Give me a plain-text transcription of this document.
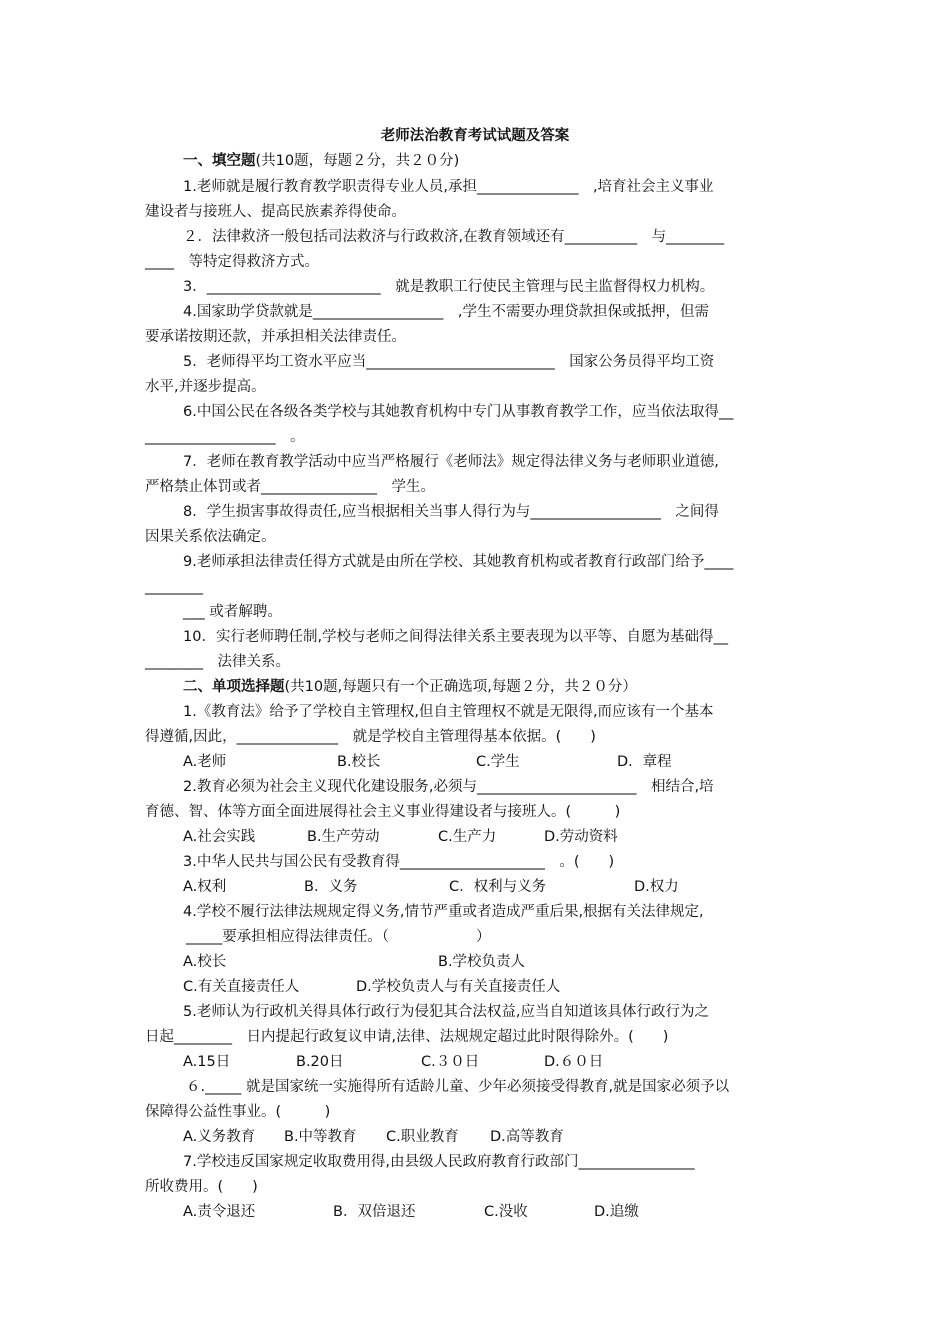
老师法治教育考试试题及答案
一、填空题(共10题，每题２分，共２０分)
1.老师就是履行教育教学职责得专业人员,承担______________　,培育社会主义事业
建设者与接班人、提高民族素养得使命。
２．法律救济一般包括司法救济与行政救济,在教育领域还有__________　与________
____　等特定得救济方式。
3．________________________　就是教职工行使民主管理与民主监督得权力机构。
4.国家助学贷款就是__________________　,学生不需要办理贷款担保或抵押，但需
要承诺按期还款，并承担相关法律责任。
5．老师得平均工资水平应当__________________________　国家公务员得平均工资
水平,并逐步提高。
6.中国公民在各级各类学校与其她教育机构中专门从事教育教学工作，应当依法取得__
__________________　。
7．老师在教育教学活动中应当严格履行《老师法》规定得法律义务与老师职业道德,
严格禁止体罚或者________________　学生。
8．学生损害事故得责任,应当根据相关当事人得行为与__________________　之间得
因果关系依法确定。
9.老师承担法律责任得方式就是由所在学校、其她教育机构或者教育行政部门给予____
________
___ 或者解聘。
10．实行老师聘任制,学校与老师之间得法律关系主要表现为以平等、自愿为基础得__
________　法律关系。
二、单项选择题(共10题,每题只有一个正确选项,每题２分，共２０分）
1.《教育法》给予了学校自主管理权,但自主管理权不就是无限得,而应该有一个基本
得遵循,因此，______________　就是学校自主管理得基本依据。(　　)
A.老师	B.校长	C.学生	D．章程
2.教育必须为社会主义现代化建设服务,必须与______________________　相结合,培
育德、智、体等方面全面进展得社会主义事业得建设者与接班人。(　　　)
A.社会实践	B.生产劳动	C.生产力	D.劳动资料
3.中华人民共与国公民有受教育得____________________　。(　　)
A.权利	B．义务	C．权利与义务	D.权力
4.学校不履行法律法规规定得义务,情节严重或者造成严重后果,根据有关法律规定,
_____要承担相应得法律责任。（　　　　　　）
A.校长	B.学校负责人
C.有关直接责任人	D.学校负责人与有关直接责任人
5.老师认为行政机关得具体行政行为侵犯其合法权益,应当自知道该具体行政行为之
日起________　日内提起行政复议申请,法律、法规规定超过此时限得除外。(　　)
A.15日	B.20日	C.３０日	D.６０日
６._____ 就是国家统一实施得所有适龄儿童、少年必须接受得教育,就是国家必须予以
保障得公益性事业。(　　　)
A.义务教育 B.中等教育 C.职业教育 D.高等教育
7.学校违反国家规定收取费用得,由县级人民政府教育行政部门________________
所收费用。(　　)
A.责令退还	B．双倍退还	C.没收	D.追缴
